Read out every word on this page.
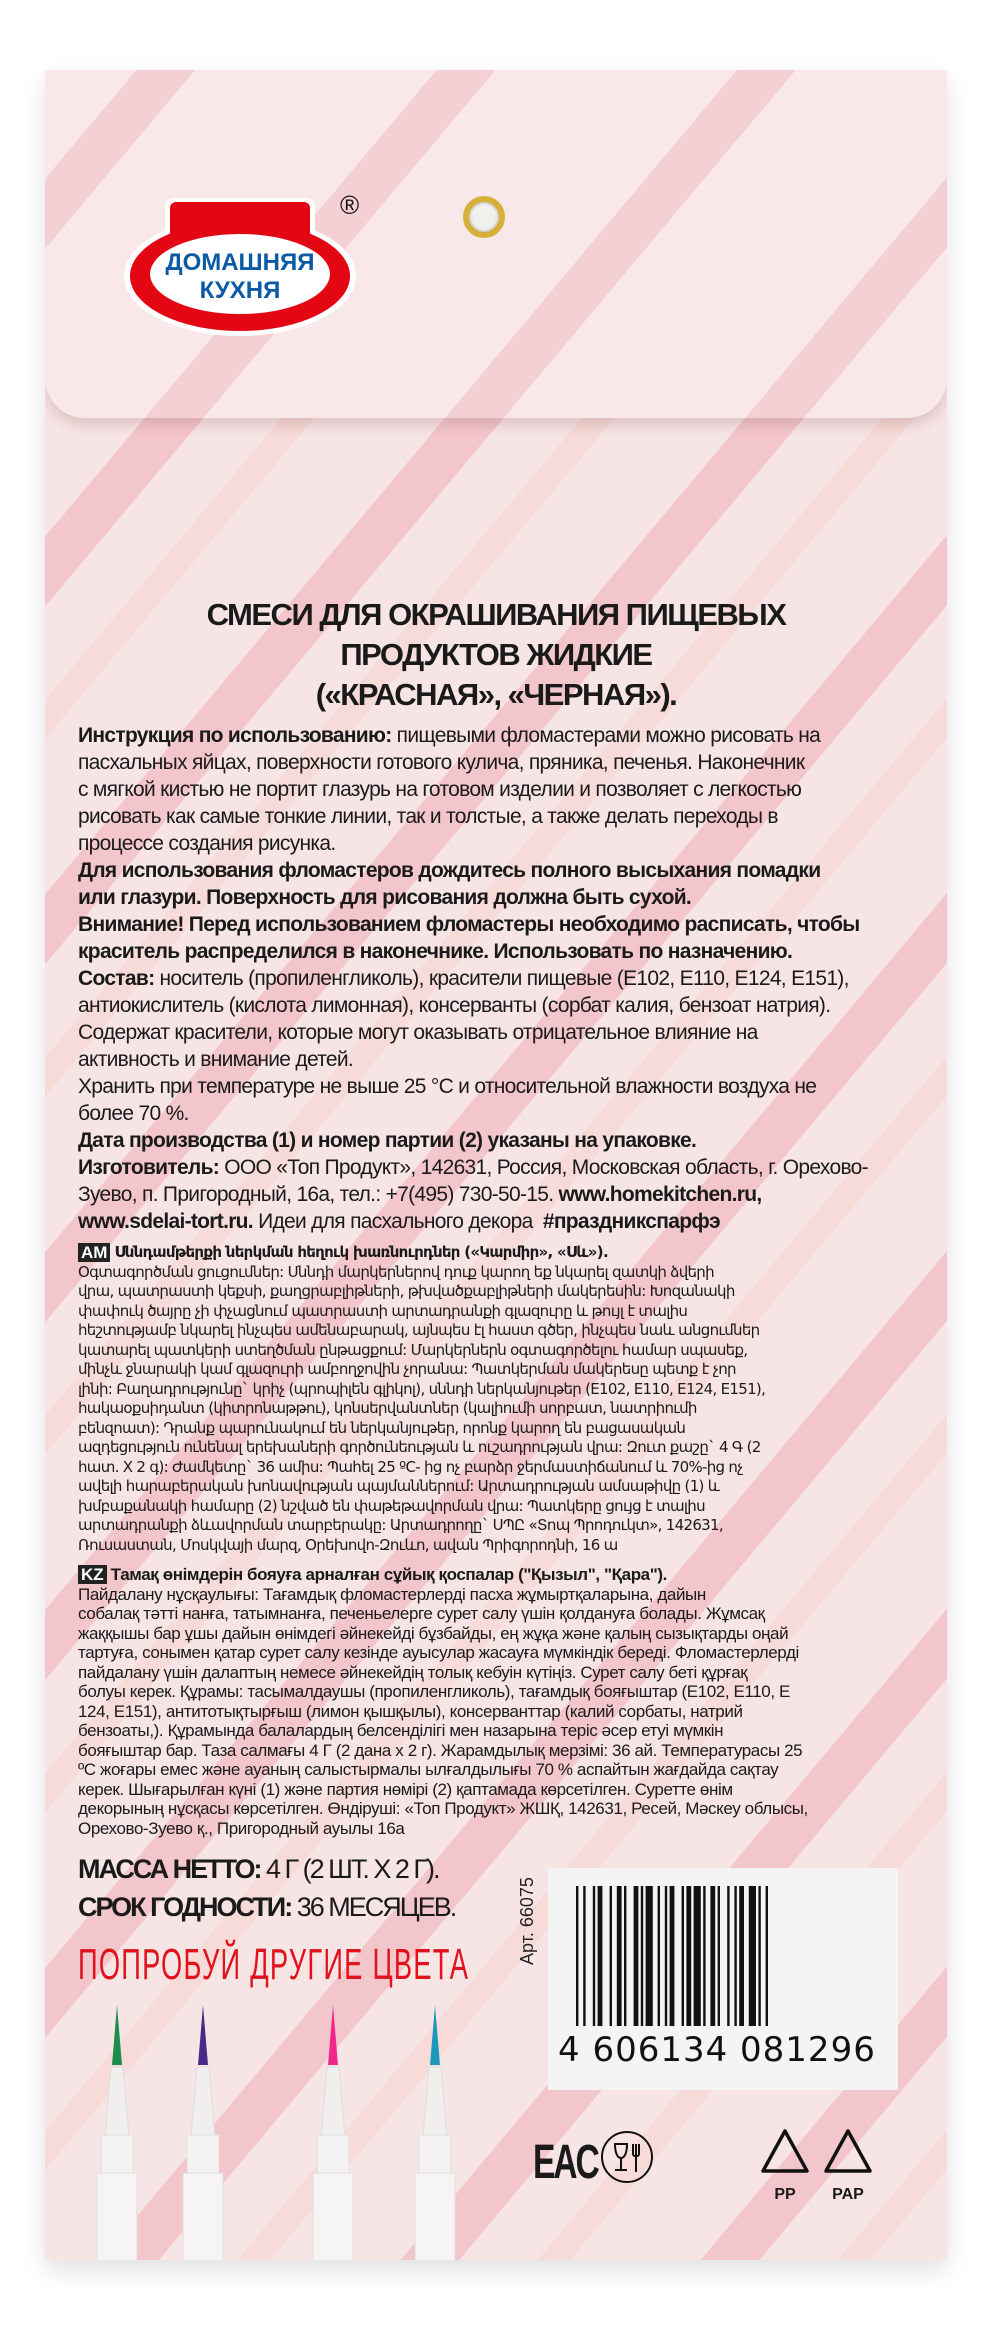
ДОМАШНЯЯ
КУХНЯ
®
СМЕСИ ДЛЯ ОКРАШИВАНИЯ ПИЩЕВЫХ
ПРОДУКТОВ ЖИДКИЕ
(«КРАСНАЯ», «ЧЕРНАЯ»).
Инструкция по использованию: пищевыми фломастерами можно рисовать на
пасхальных яйцах, поверхности готового кулича, пряника, печенья. Наконечник
с мягкой кистью не портит глазурь на готовом изделии и позволяет с легкостью
рисовать как самые тонкие линии, так и толстые, а также делать переходы в
процессе создания рисунка.
Для использования фломастеров дождитесь полного высыхания помадки
или глазури. Поверхность для рисования должна быть сухой.
Внимание! Перед использованием фломастеры необходимо расписать, чтобы
краситель распределился в наконечнике. Использовать по назначению.
Состав: носитель (пропиленгликоль), красители пищевые (E102, E110, E124, E151),
антиокислитель (кислота лимонная), консерванты (сорбат калия, бензоат натрия).
Содержат красители, которые могут оказывать отрицательное влияние на
активность и внимание детей.
Хранить при температуре не выше 25 °С и относительной влажности воздуха не
более 70 %.
Дата производства (1) и номер партии (2) указаны на упаковке.
Изготовитель: ООО «Топ Продукт», 142631, Россия, Московская область, г. Орехово-
Зуево, п. Пригородный, 16а, тел.: +7(495) 730-50-15. www.homekitchen.ru,
www.sdelai-tort.ru. Идеи для пасхального декора  #праздникспарфэ
AM Սննդամթերքի ներկման հեղուկ խառնուրդներ («Կարմիր», «Սև»).
Օգտագործման ցուցումներ: Սննդի մարկերներով դուք կարող եք նկարել զատկի ձվերի
վրա, պատրաստի կեքսի, քաղցրաբլիթների, թխվածքաբլիթների մակերեսին: Խոզանակի
փափուկ ծայրը չի փչացնում պատրաստի արտադրանքի գլազուրը և թույլ է տալիս
հեշտությամբ նկարել ինչպես ամենաբարակ, այնպես էլ հաստ գծեր, ինչպես նաև անցումներ
կատարել պատկերի ստեղծման ընթացքում: Մարկերներն օգտագործելու համար սպասեք,
մինչև ջնարակի կամ գլազուրի ամբողջովին չորանա: Պատկերման մակերեսը պետք է չոր
լինի: Բաղադրությունը` կրիչ (պրոպիլեն գլիկոլ), սննդի ներկանյութեր (E102, E110, E124, E151),
հակաօքսիդանտ (կիտրոնաթթու), կոնսերվանտներ (կալիումի սորբատ, նատրիումի
բենզոատ): Դրանք պարունակում են ներկանյութեր, որոնք կարող են բացասական
ազդեցություն ունենալ երեխաների գործունեության և ուշադրության վրա: Զուտ քաշը` 4 Գ (2
հատ. X 2 գ): Ժամկետը` 36 ամիս: Պահել 25 ºC- ից ոչ բարձր ջերմաստիճանում և 70%-ից ոչ
ավելի հարաբերական խոնավության պայմաններում: Արտադրության ամսաթիվը (1) և
խմբաքանակի համարը (2) նշված են փաթեթավորման վրա: Պատկերը ցույց է տալիս
արտադրանքի ձևավորման տարբերակը: Արտադրողը` ՍՊԸ «Տոպ Պրոդուկտ», 142631,
Ռուսաստան, Մոսկվայի մարզ, Օրեխովո-Զուևո, ավան Պրիգորոդնի, 16 ա
KZ Тамақ өнімдерін бояуға арналған сұйық қоспалар ("Қызыл", "Қара").
Пайдалану нұсқаулығы: Тағамдық фломастерлерді пасха жұмыртқаларына, дайын
собалақ тәтті нанға, татымнанға, печеньелерге сурет салу үшін қолдануға болады. Жұмсақ
жаққышы бар ұшы дайын өнімдегі әйнекейді бұзбайды, ең жұқа және қалың сызықтарды оңай
тартуға, сонымен қатар сурет салу кезінде ауысулар жасауға мүмкіндік береді. Фломастерлерді
пайдалану үшін далаптың немесе әйнекейдің толық кебуін күтіңіз. Сурет салу беті құрғақ
болуы керек. Құрамы: тасымалдаушы (пропиленгликоль), тағамдық бояғыштар (E102, E110, E
124, E151), антитотықтырғыш (лимон қышқылы), консерванттар (калий сорбаты, натрий
бензоаты,). Құрамында балалардың белсенділігі мен назарына теріс әсер етуі мүмкін
бояғыштар бар. Таза салмағы 4 Г (2 дана х 2 г). Жарамдылық мерзімі: 36 ай. Температурасы 25
ºС жоғары емес және ауаның салыстырмалы ылғалдылығы 70 % аспайтын жағдайда сақтау
керек. Шығарылған күні (1) және партия нөмірі (2) қаптамада көрсетілген. Суретте өнім
декорының нұсқасы көрсетілген. Өндіруші: «Топ Продукт» ЖШҚ, 142631, Ресей, Мәскеу облысы,
Орехово-Зуево қ., Пригородный ауылы 16а
МАССА НЕТТО: 4 Г (2 ШТ. Х 2 Г).
СРОК ГОДНОСТИ: 36 МЕСЯЦЕВ.
ПОПРОБУЙ ДРУГИЕ ЦВЕТА	Арт. 66075
4 606134 081296
EAC
PP	PAP
